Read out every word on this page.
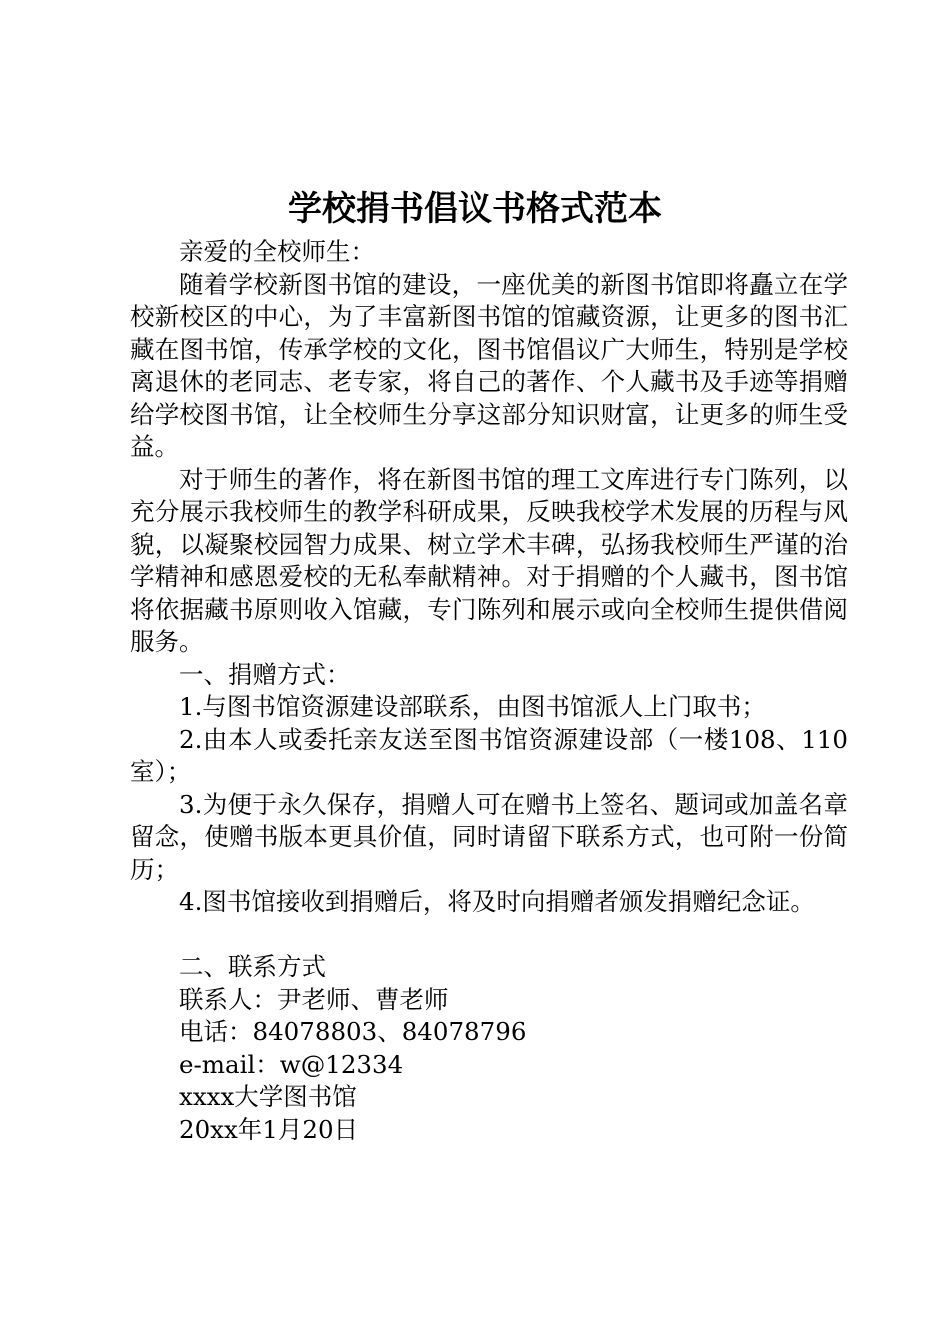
学校捐书倡议书格式范本

亲爱的全校师生：

随着学校新图书馆的建设，一座优美的新图书馆即将矗立在学校新校区的中心，为了丰富新图书馆的馆藏资源，让更多的图书汇藏在图书馆，传承学校的文化，图书馆倡议广大师生，特别是学校离退休的老同志、老专家，将自己的著作、个人藏书及手迹等捐赠给学校图书馆，让全校师生分享这部分知识财富，让更多的师生受益。

对于师生的著作，将在新图书馆的理工文库进行专门陈列，以充分展示我校师生的教学科研成果，反映我校学术发展的历程与风貌，以凝聚校园智力成果、树立学术丰碑，弘扬我校师生严谨的治学精神和感恩爱校的无私奉献精神。对于捐赠的个人藏书，图书馆将依据藏书原则收入馆藏，专门陈列和展示或向全校师生提供借阅服务。

一、捐赠方式：

1.与图书馆资源建设部联系，由图书馆派人上门取书；

2.由本人或委托亲友送至图书馆资源建设部（一楼108、110室）；

3.为便于永久保存，捐赠人可在赠书上签名、题词或加盖名章留念，使赠书版本更具价值，同时请留下联系方式，也可附一份简历；

4.图书馆接收到捐赠后，将及时向捐赠者颁发捐赠纪念证。

二、联系方式

联系人：尹老师、曹老师

电话：84078803、84078796

e-mail：w@12334

xxxx大学图书馆

20xx年1月20日
